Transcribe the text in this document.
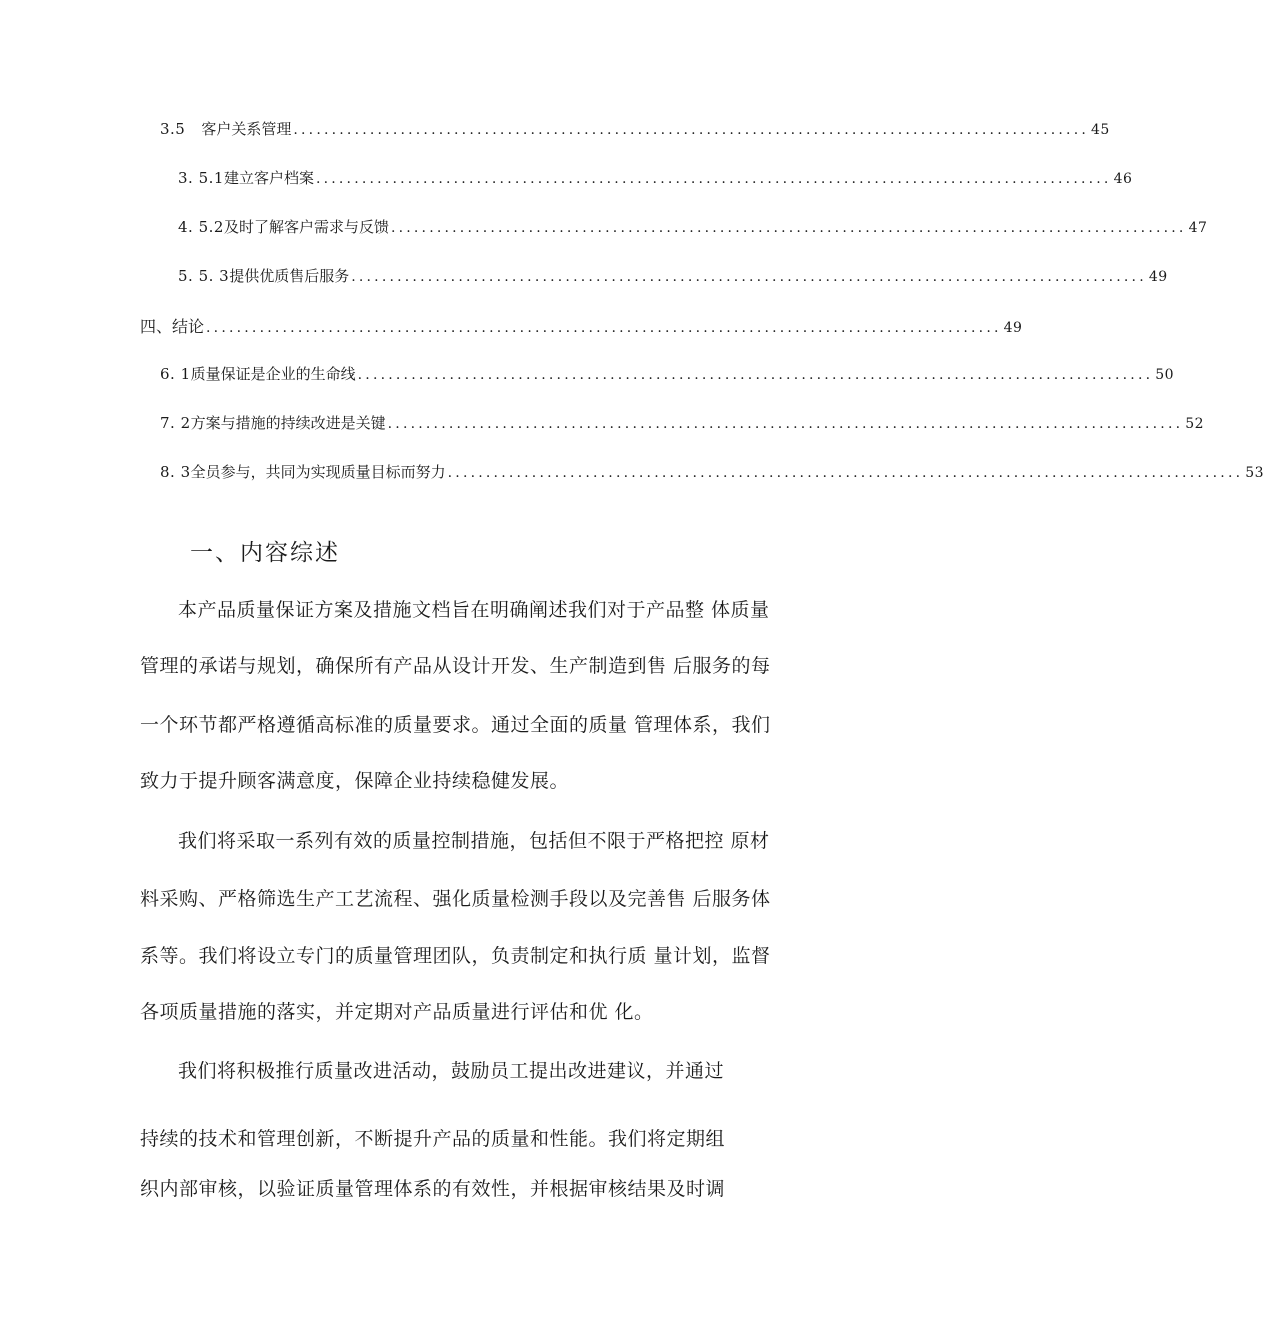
3.5 客户关系管理 ........................................................................................................ 45
3. 5.1 建立客户档案 ........................................................................................................ 46
4. 5.2 及时了解客户需求与反馈 ........................................................................................................ 47
5. 5. 3 提供优质售后服务 ........................................................................................................ 49
四、结论 ........................................................................................................ 49
6. 1 质量保证是企业的生命线 ........................................................................................................ 50
7. 2 方案与措施的持续改进是关键 ........................................................................................................ 52
8. 3 全员参与，共同为实现质量目标而努力 ........................................................................................................ 53
一、内容综述
本产品质量保证方案及措施文档旨在明确阐述我们对于产品整 体质量
管理的承诺与规划，确保所有产品从设计开发、生产制造到售 后服务的每
一个环节都严格遵循高标准的质量要求。通过全面的质量 管理体系，我们
致力于提升顾客满意度，保障企业持续稳健发展。
我们将采取一系列有效的质量控制措施，包括但不限于严格把控 原材
料采购、严格筛选生产工艺流程、强化质量检测手段以及完善售 后服务体
系等。我们将设立专门的质量管理团队，负责制定和执行质 量计划，监督
各项质量措施的落实，并定期对产品质量进行评估和优 化。
我们将积极推行质量改进活动，鼓励员工提出改进建议，并通过
持续的技术和管理创新，不断提升产品的质量和性能。我们将定期组
织内部审核，以验证质量管理体系的有效性，并根据审核结果及时调
